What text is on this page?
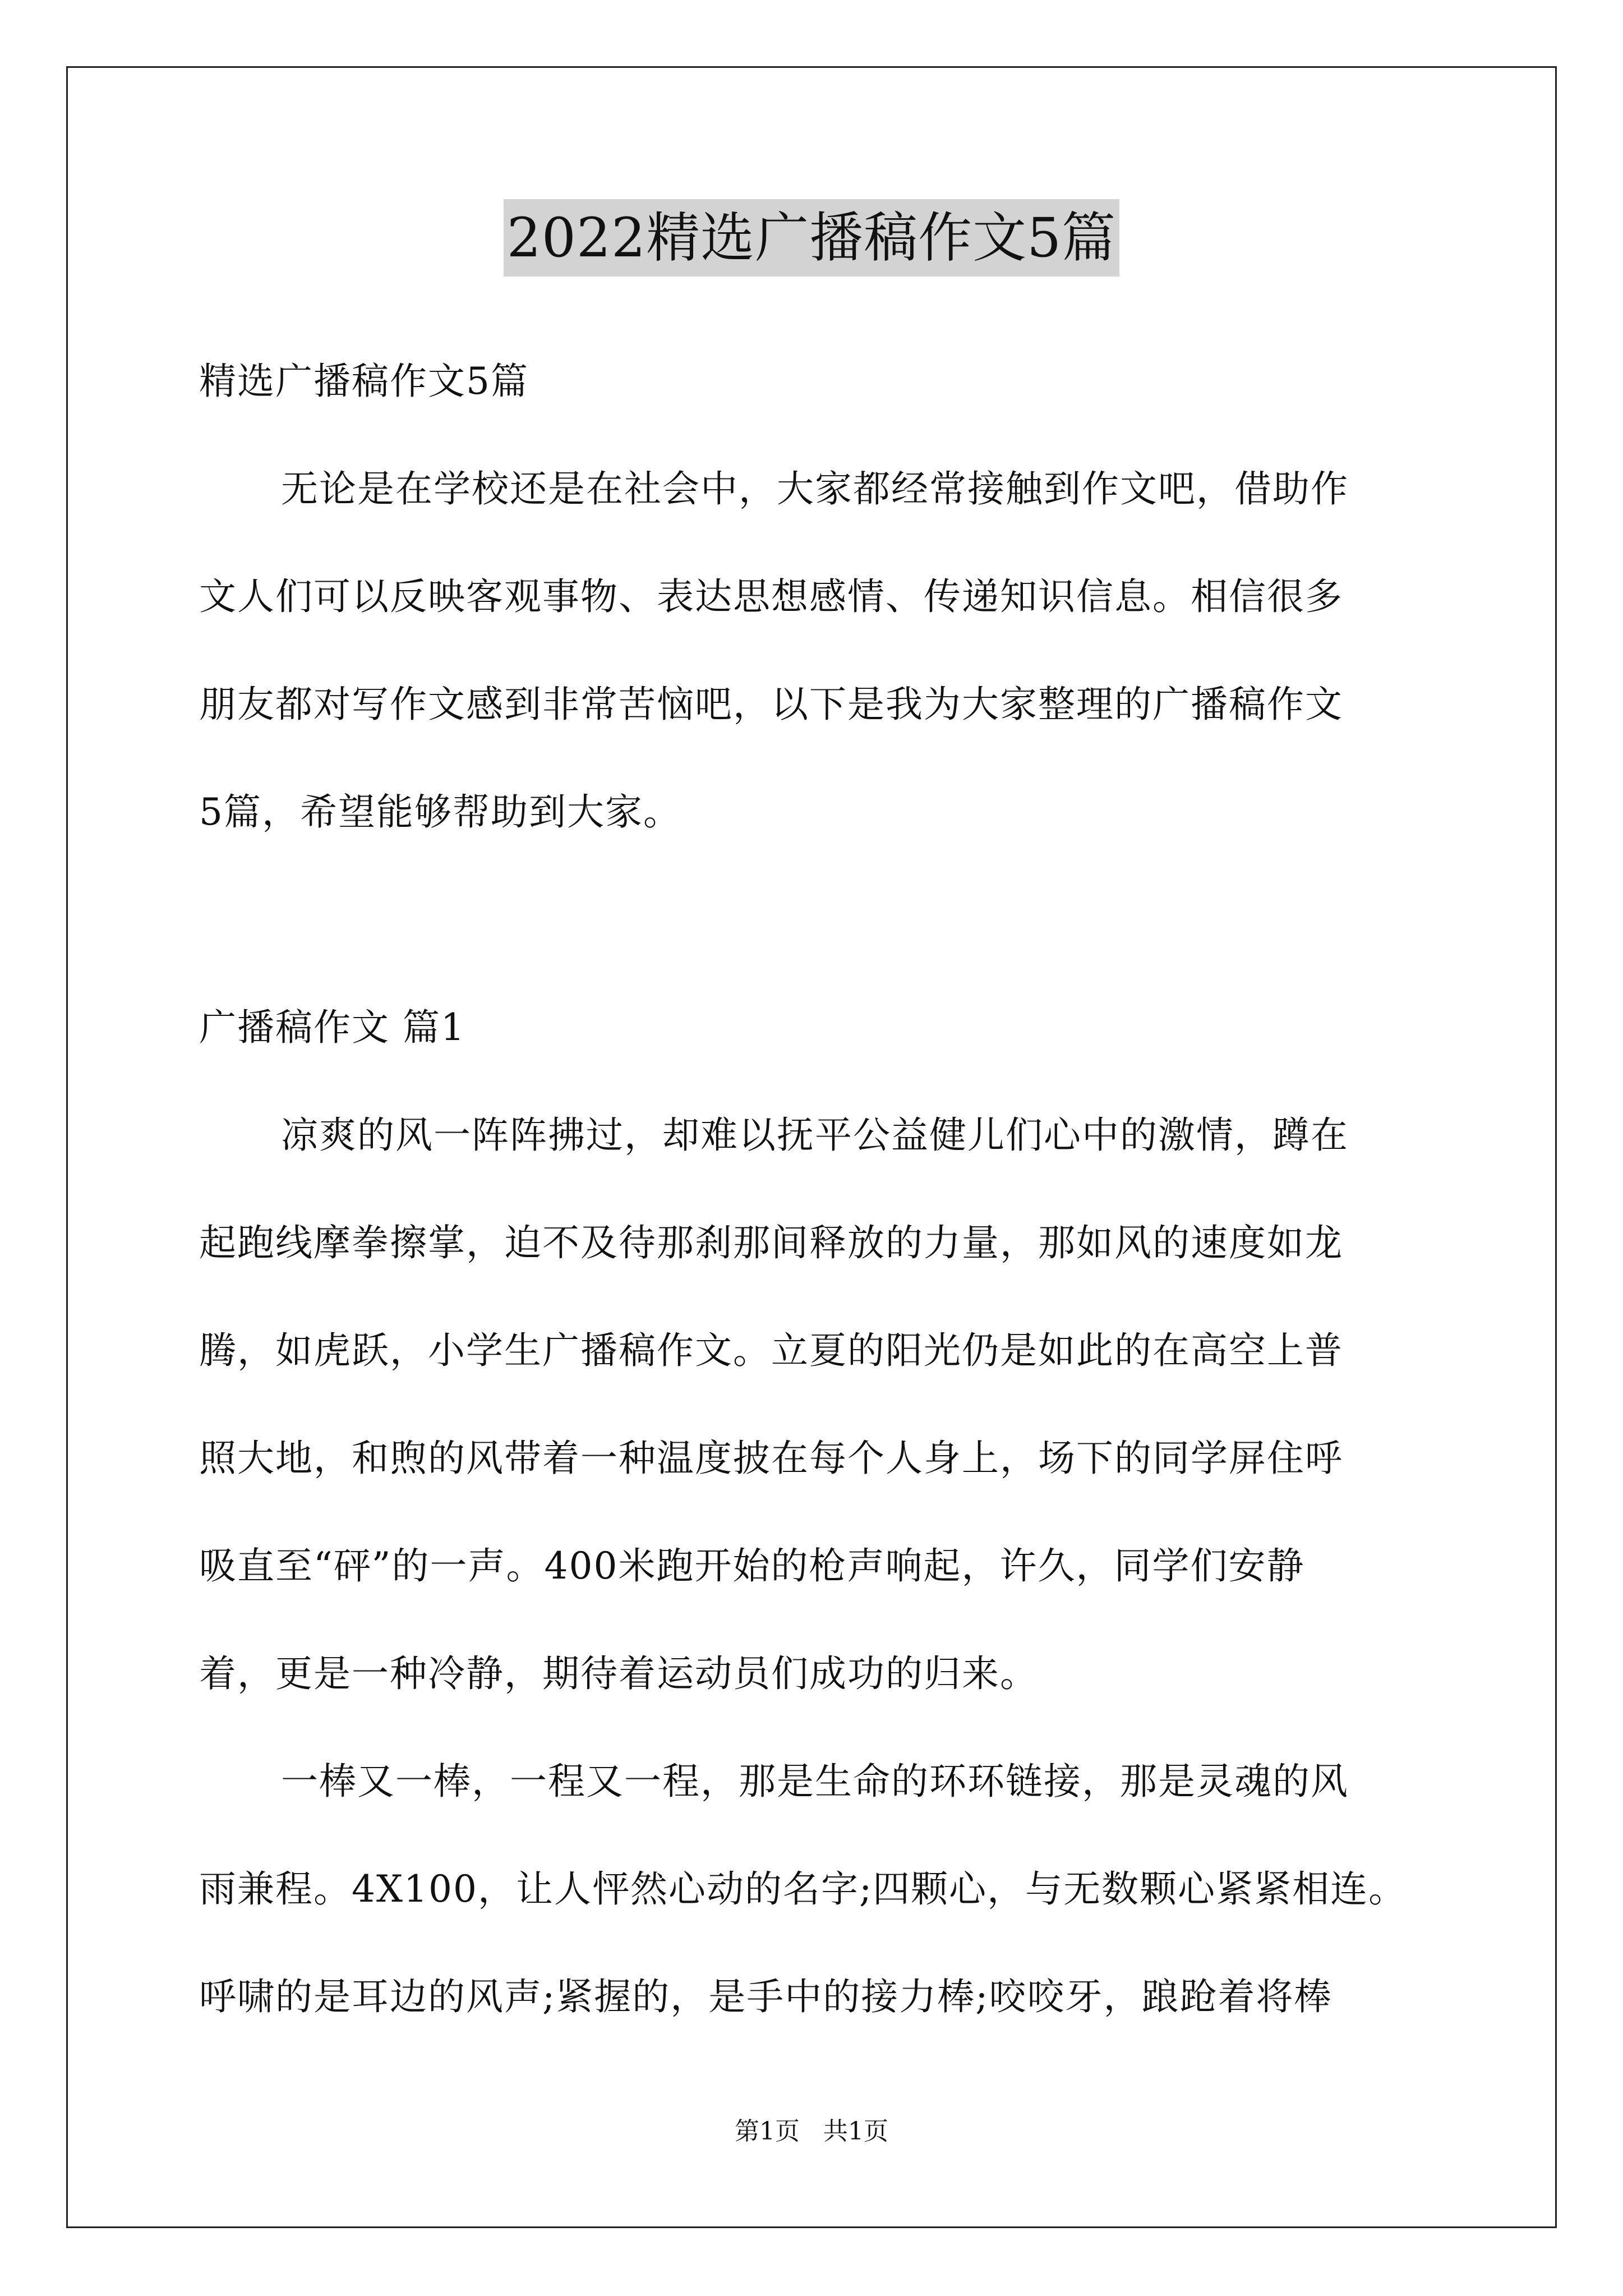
2022精选广播稿作文5篇
精选广播稿作文5篇
无论是在学校还是在社会中，大家都经常接触到作文吧，借助作
文人们可以反映客观事物、表达思想感情、传递知识信息。相信很多
朋友都对写作文感到非常苦恼吧，以下是我为大家整理的广播稿作文
5篇，希望能够帮助到大家。
广播稿作文 篇1
凉爽的风一阵阵拂过，却难以抚平公益健儿们心中的激情，蹲在
起跑线摩拳擦掌，迫不及待那刹那间释放的力量，那如风的速度如龙
腾，如虎跃，小学生广播稿作文。立夏的阳光仍是如此的在高空上普
照大地，和煦的风带着一种温度披在每个人身上，场下的同学屏住呼
吸直至“砰”的一声。400米跑开始的枪声响起，许久，同学们安静
着，更是一种冷静，期待着运动员们成功的归来。
一棒又一棒，一程又一程，那是生命的环环链接，那是灵魂的风
雨兼程。4X100，让人怦然心动的名字;四颗心，与无数颗心紧紧相连。
呼啸的是耳边的风声;紧握的，是手中的接力棒;咬咬牙，踉跄着将棒
第1页 共1页
